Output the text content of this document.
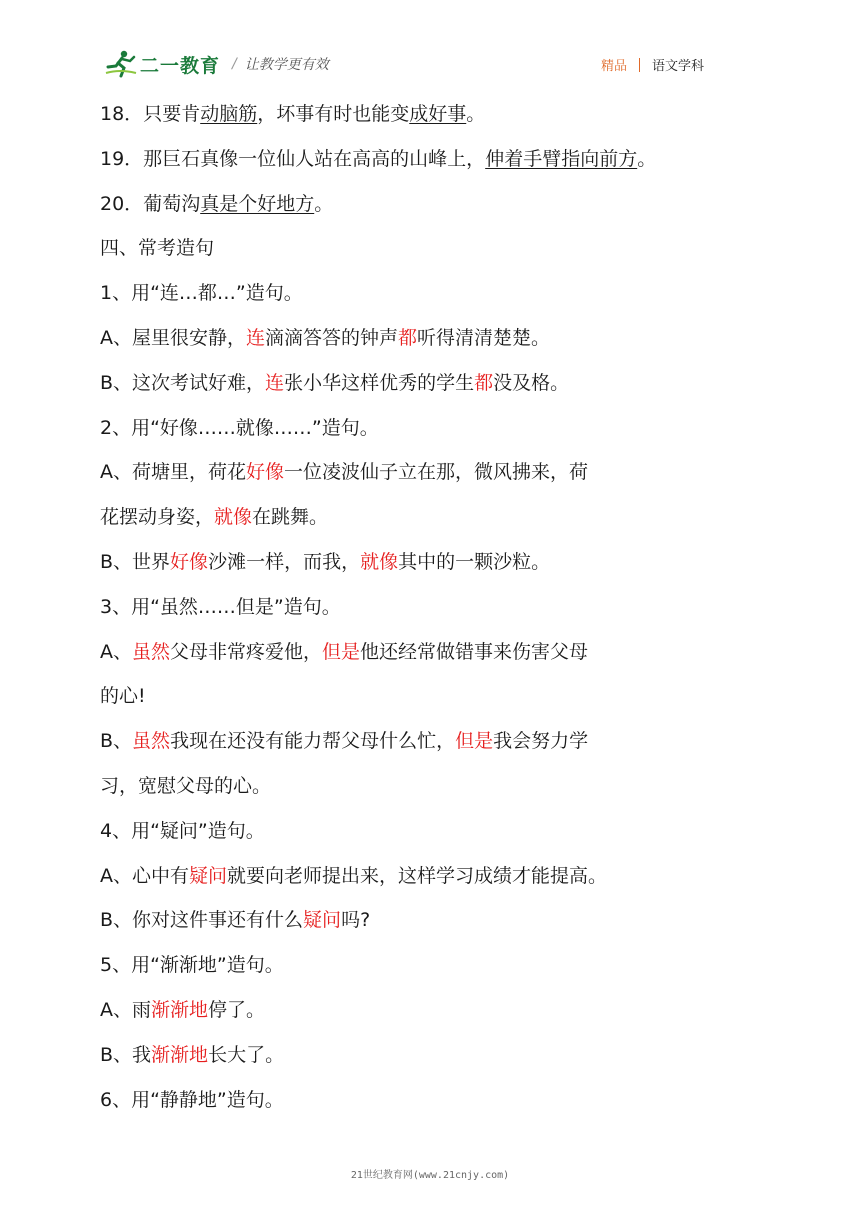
二一教育 / 让教学更有效	精品 语文学科
18．只要肯动脑筋，坏事有时也能变成好事。
19．那巨石真像一位仙人站在高高的山峰上，伸着手臂指向前方。
20．葡萄沟真是个好地方。
四、常考造句
1、用“连…都…”造句。
A、屋里很安静，连滴滴答答的钟声都听得清清楚楚。
B、这次考试好难，连张小华这样优秀的学生都没及格。
2、用“好像……就像……”造句。
A、荷塘里，荷花好像一位凌波仙子立在那，微风拂来，荷
花摆动身姿，就像在跳舞。
B、世界好像沙滩一样，而我，就像其中的一颗沙粒。
3、用“虽然……但是”造句。
A、虽然父母非常疼爱他，但是他还经常做错事来伤害父母
的心!
B、虽然我现在还没有能力帮父母什么忙，但是我会努力学
习，宽慰父母的心。
4、用“疑问”造句。
A、心中有疑问就要向老师提出来，这样学习成绩才能提高。
B、你对这件事还有什么疑问吗?
5、用“渐渐地”造句。
A、雨渐渐地停了。
B、我渐渐地长大了。
6、用“静静地”造句。
21世纪教育网(www.21cnjy.com)
